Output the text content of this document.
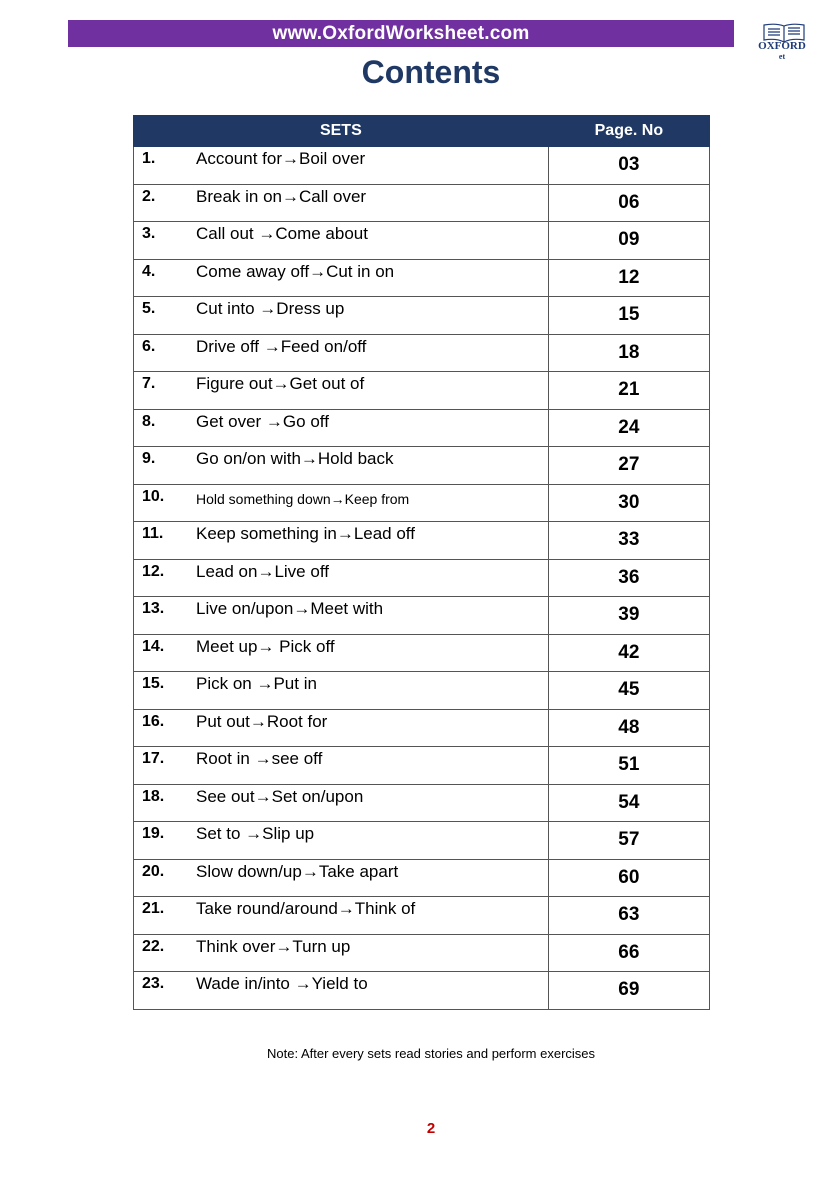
www.OxfordWorksheet.com
OXFORD
et
Contents
SETS	Page. No
1. Account for→Boil over	03
2. Break in on→Call over	06
3. Call out →Come about	09
4. Come away off→Cut in on	12
5. Cut into →Dress up	15
6. Drive off →Feed on/off	18
7. Figure out→Get out of	21
8. Get over →Go off	24
9. Go on/on with→Hold back	27
10. Hold something down→Keep from	30
11. Keep something in→Lead off	33
12. Lead on→Live off	36
13. Live on/upon→Meet with	39
14. Meet up→ Pick off	42
15. Pick on →Put in	45
16. Put out→Root for	48
17. Root in →see off	51
18. See out→Set on/upon	54
19. Set to →Slip up	57
20. Slow down/up→Take apart	60
21. Take round/around→Think of	63
22. Think over→Turn up	66
23. Wade in/into →Yield to	69
Note: After every sets read stories and perform exercises
2
